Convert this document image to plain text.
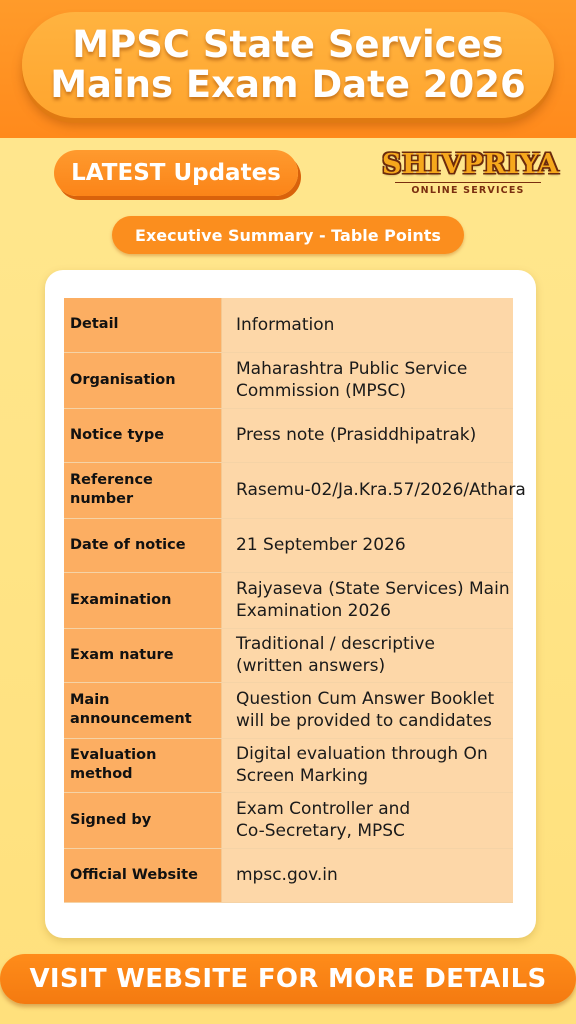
MPSC State Services
Mains Exam Date 2026
LATEST Updates	SHIVPRIYA
ONLINE SERVICES
Executive Summary - Table Points
Detail	Information

Organisation	Maharashtra Public Service
Commission (MPSC)

Notice type	Press note (Prasiddhipatrak)

Reference number	Rasemu-02/Ja.Kra.57/2026/Athara

Date of notice	21 September 2026

Examination	Rajyaseva (State Services) Main
Examination 2026

Exam nature	Traditional / descriptive
(written answers)

Main announcement	Question Cum Answer Booklet
will be provided to candidates

Evaluation method	Digital evaluation through On
Screen Marking

Signed by	Exam Controller and
Co-Secretary, MPSC

Official Website	mpsc.gov.in
VISIT WEBSITE FOR MORE DETAILS
